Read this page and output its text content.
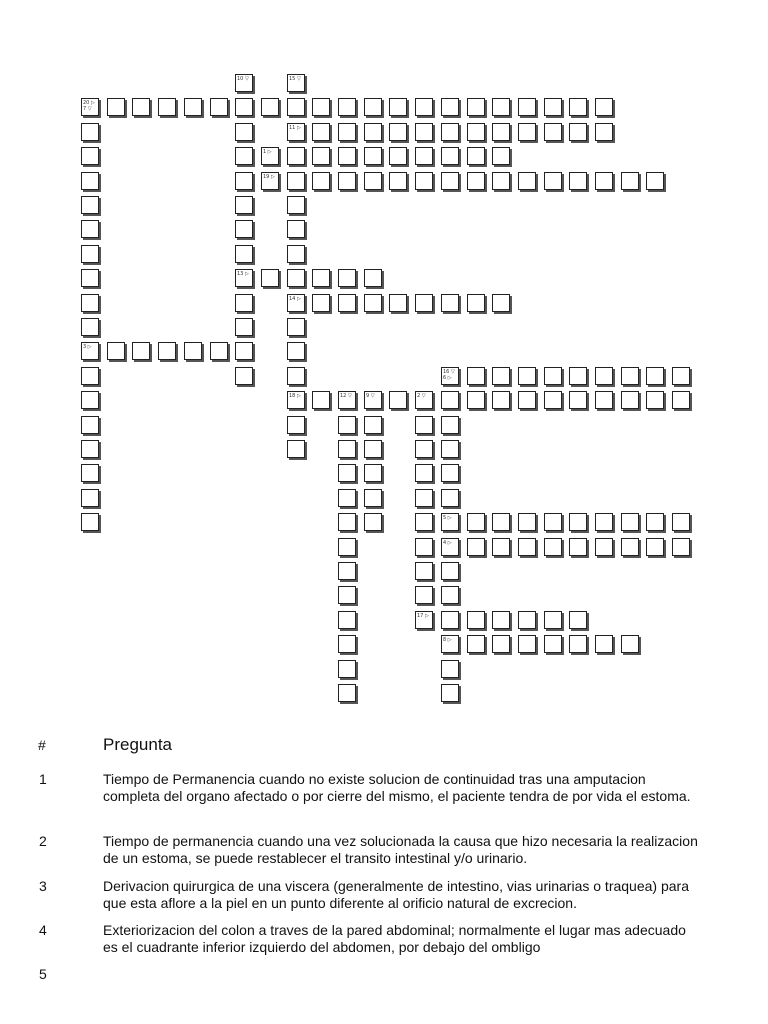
20 ▷
7 ▽
3 ▷
10 ▽
13 ▷
15 ▽
11 ▷
14 ▷
18 ▷
1 ▷
19 ▷
16 ▽
6 ▷
12 ▽	9 ▽	2 ▽
5 ▷
4 ▷
8 ▷
17 ▷
#	Pregunta
1	Tiempo de Permanencia cuando no existe solucion de continuidad tras una amputacion completa del organo afectado o por cierre del mismo, el paciente tendra de por vida el estoma.
2	Tiempo de permanencia cuando una vez solucionada la causa que hizo necesaria la realizacion de un estoma, se puede restablecer el transito intestinal y/o urinario.
3	Derivacion quirurgica de una viscera (generalmente de intestino, vias urinarias o traquea) para que esta aflore a la piel en un punto diferente al orificio natural de excrecion.
4	Exteriorizacion del colon a traves de la pared abdominal; normalmente el lugar mas adecuado es el cuadrante inferior izquierdo del abdomen, por debajo del ombligo
5
